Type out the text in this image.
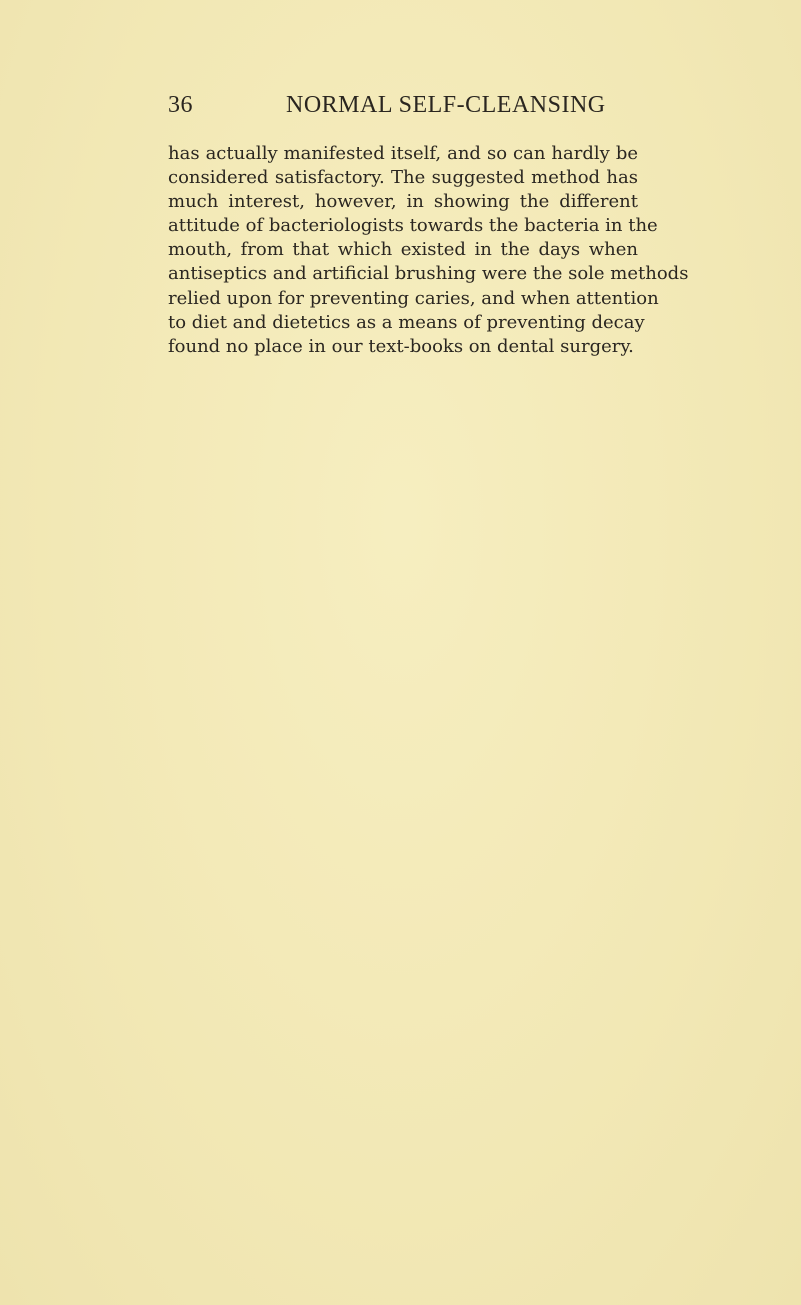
36	NORMAL SELF-CLEANSING
has actually manifested itself, and so can hardly be
considered satisfactory. The suggested method has
much interest, however, in showing the different
attitude of bacteriologists towards the bacteria in the
mouth, from that which existed in the days when
antiseptics and artificial brushing were the sole methods
relied upon for preventing caries, and when attention
to diet and dietetics as a means of preventing decay
found no place in our text-books on dental surgery.
